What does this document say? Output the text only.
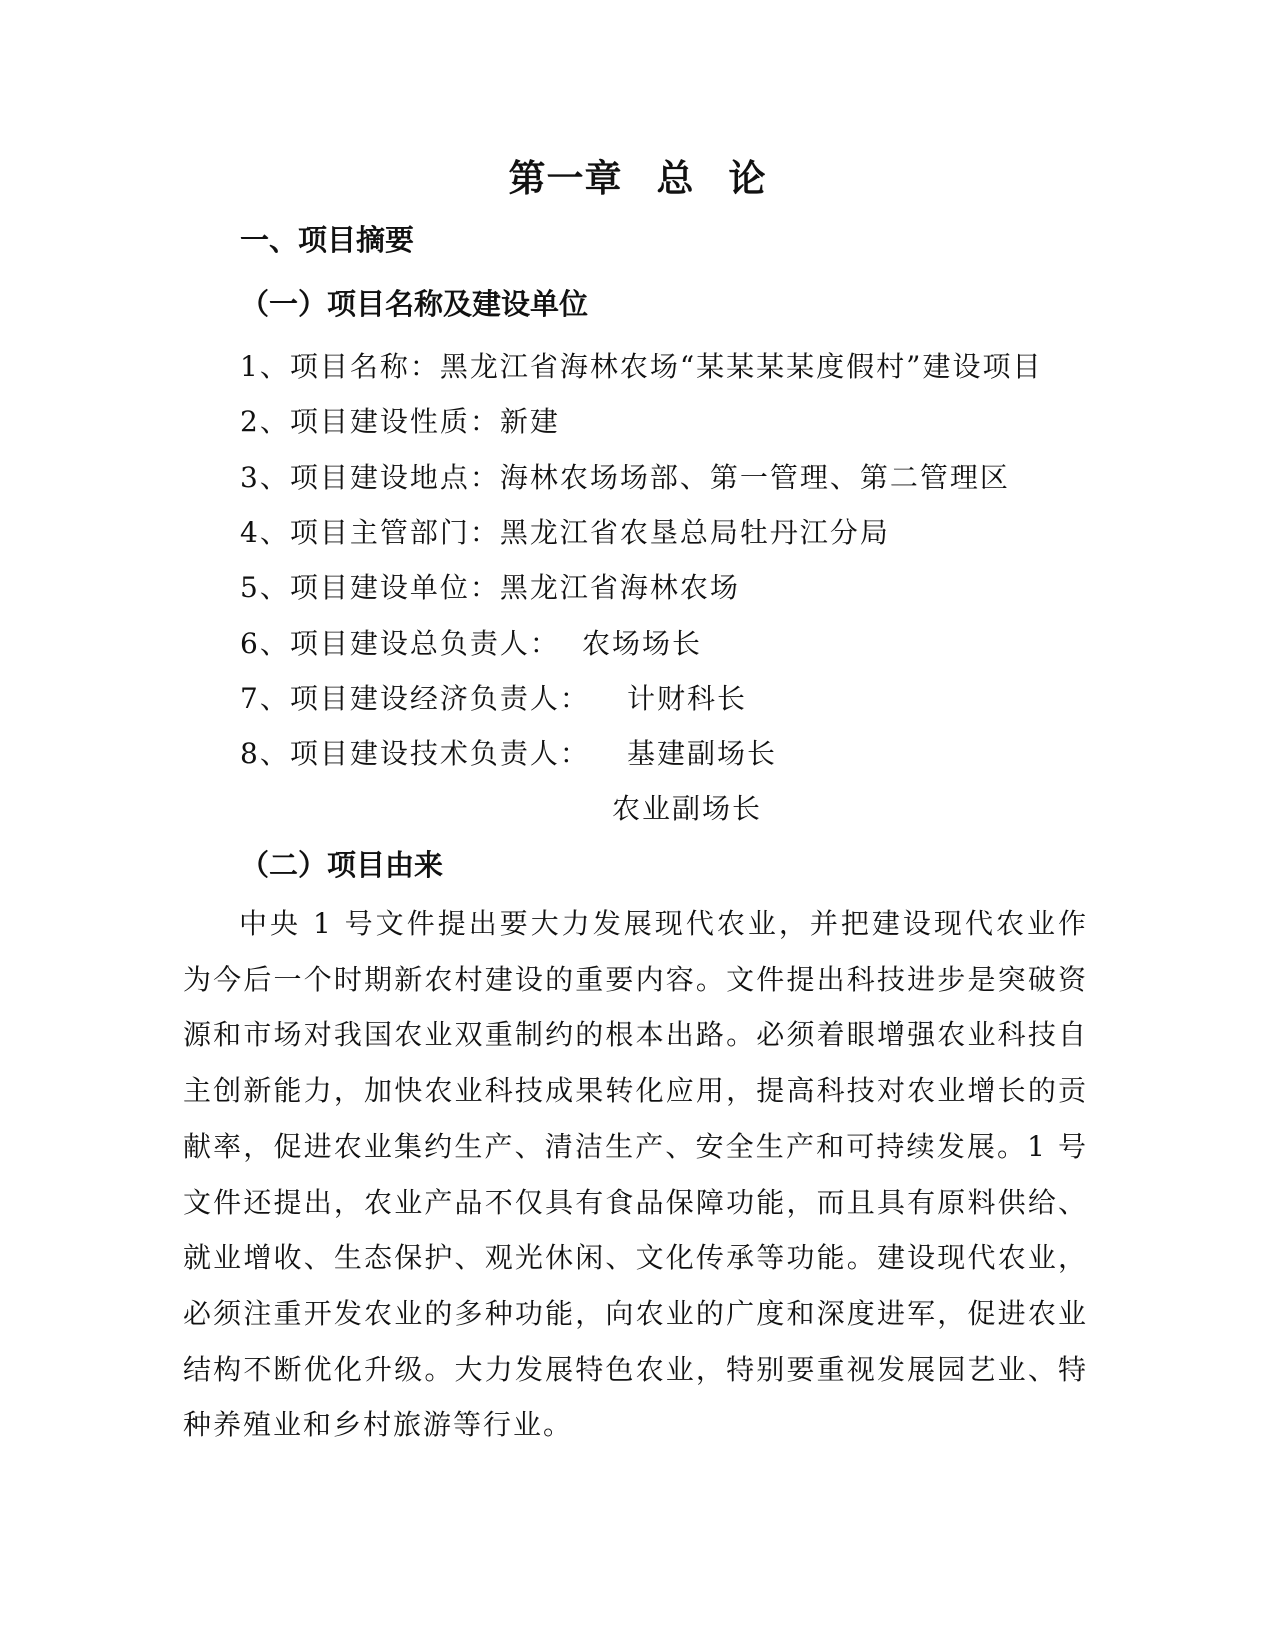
第一章 总 论
一、项目摘要
（一）项目名称及建设单位
1、项目名称：黑龙江省海林农场“某某某某度假村”建设项目
2、项目建设性质：新建
3、项目建设地点：海林农场场部、第一管理、第二管理区
4、项目主管部门：黑龙江省农垦总局牡丹江分局
5、项目建设单位：黑龙江省海林农场
6、项目建设总负责人： 农场场长
7、项目建设经济负责人： 计财科长
8、项目建设技术负责人： 基建副场长
农业副场长
（二）项目由来
中央 1 号文件提出要大力发展现代农业，并把建设现代农业作为今后一个时期新农村建设的重要内容。文件提出科技进步是突破资源和市场对我国农业双重制约的根本出路。必须着眼增强农业科技自主创新能力，加快农业科技成果转化应用，提高科技对农业增长的贡献率，促进农业集约生产、清洁生产、安全生产和可持续发展。1 号文件还提出，农业产品不仅具有食品保障功能，而且具有原料供给、就业增收、生态保护、观光休闲、文化传承等功能。建设现代农业，必须注重开发农业的多种功能，向农业的广度和深度进军，促进农业结构不断优化升级。大力发展特色农业，特别要重视发展园艺业、特种养殖业和乡村旅游等行业。
